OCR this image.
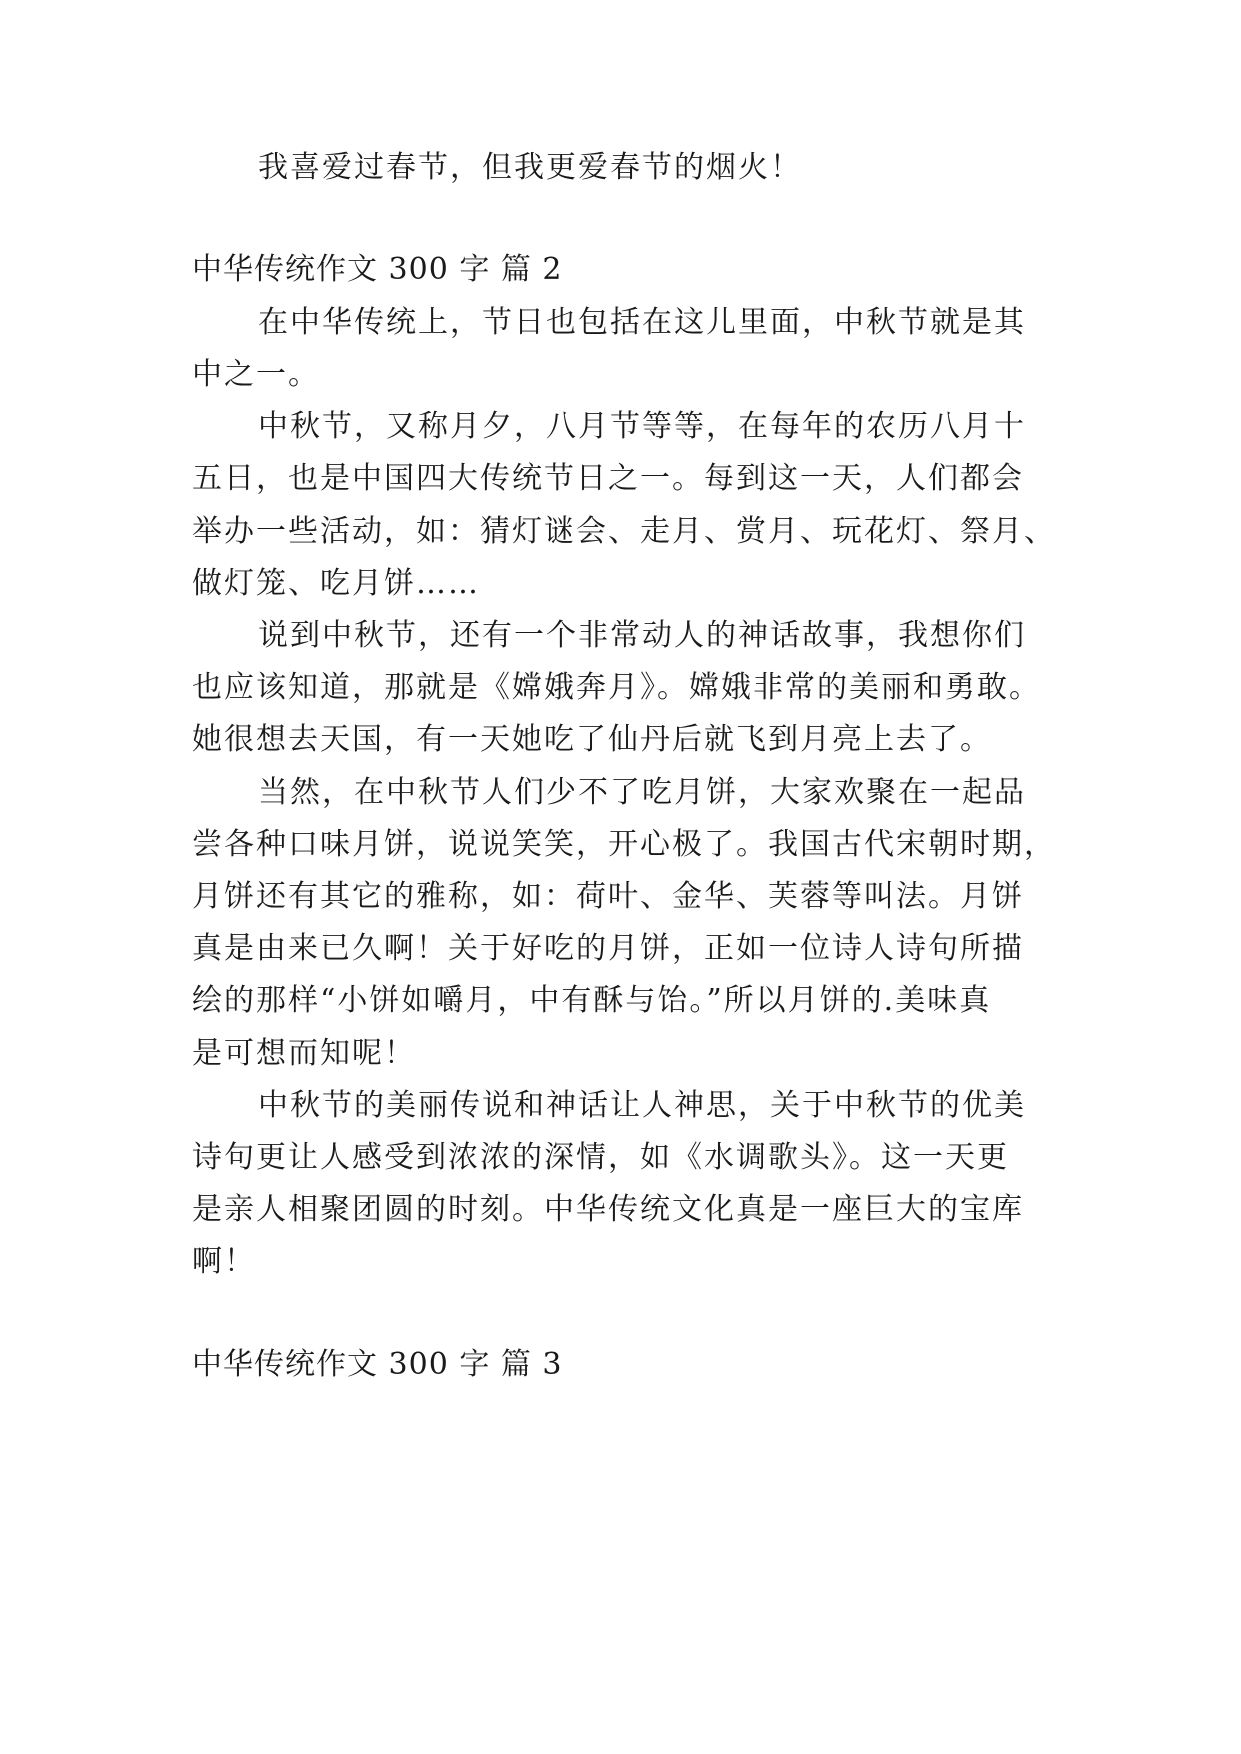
我喜爱过春节，但我更爱春节的烟火！
中华传统作文 300 字 篇 2
在中华传统上，节日也包括在这儿里面，中秋节就是其
中之一。
中秋节，又称月夕，八月节等等，在每年的农历八月十
五日，也是中国四大传统节日之一。每到这一天，人们都会
举办一些活动，如：猜灯谜会、走月、赏月、玩花灯、祭月、
做灯笼、吃月饼……
说到中秋节，还有一个非常动人的神话故事，我想你们
也应该知道，那就是《嫦娥奔月》。嫦娥非常的美丽和勇敢。
她很想去天国，有一天她吃了仙丹后就飞到月亮上去了。
当然，在中秋节人们少不了吃月饼，大家欢聚在一起品
尝各种口味月饼，说说笑笑，开心极了。我国古代宋朝时期，
月饼还有其它的雅称，如：荷叶、金华、芙蓉等叫法。月饼
真是由来已久啊！关于好吃的月饼，正如一位诗人诗句所描
绘的那样“小饼如嚼月，中有酥与饴。”所以月饼的.美味真
是可想而知呢！
中秋节的美丽传说和神话让人神思，关于中秋节的优美
诗句更让人感受到浓浓的深情，如《水调歌头》。这一天更
是亲人相聚团圆的时刻。中华传统文化真是一座巨大的宝库
啊！
中华传统作文 300 字 篇 3
